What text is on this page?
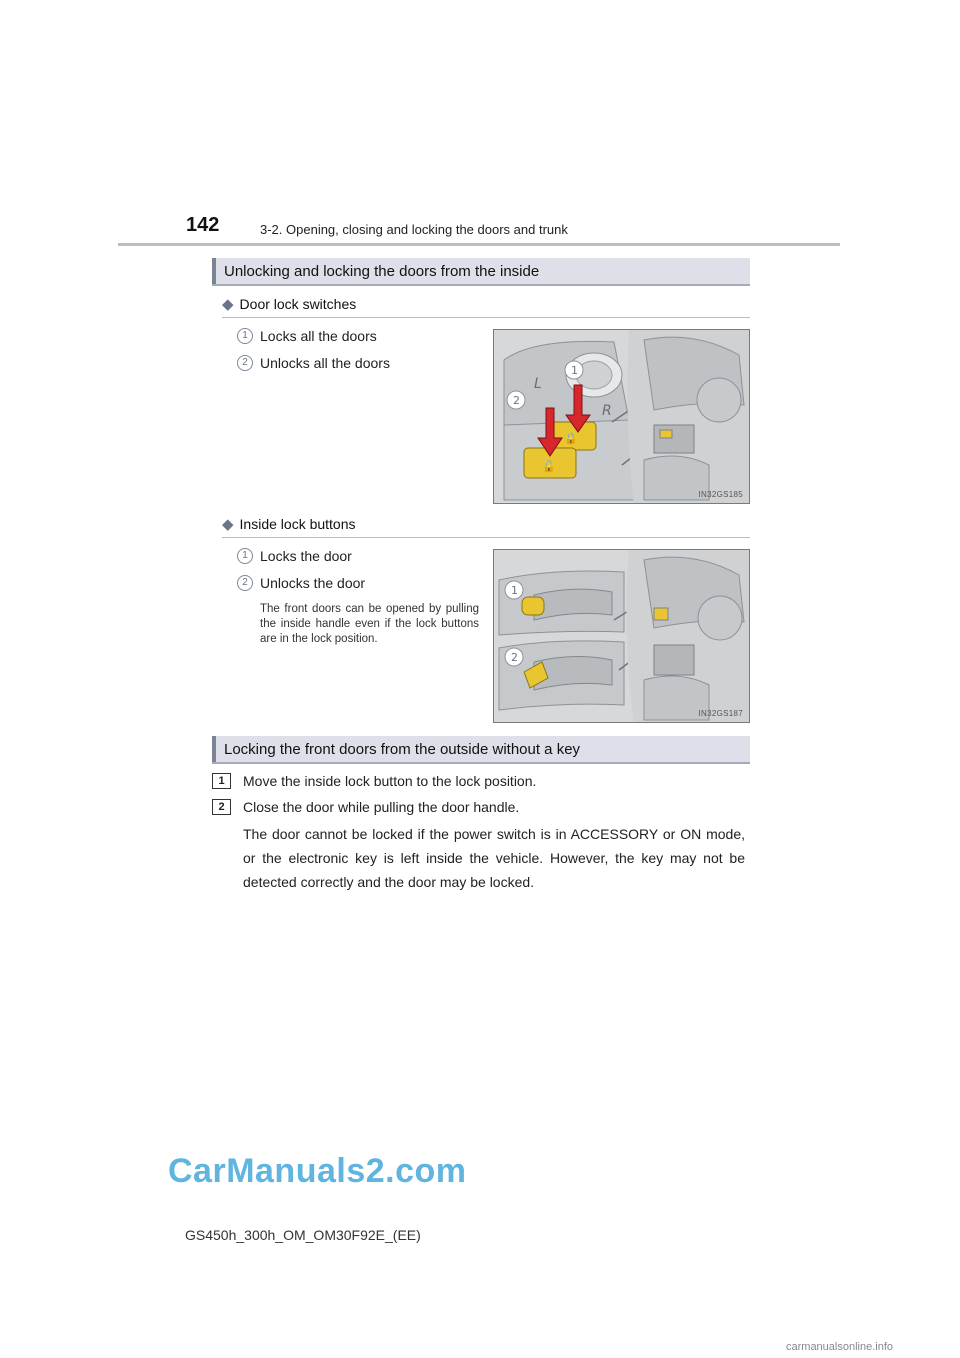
142	3-2. Opening, closing and locking the doors and trunk
Unlocking and locking the doors from the inside
◆ Door lock switches
1 Locks all the doors
2 Unlocks all the doors
L
R
🔒
🔓
1
2
IN32GS185
◆ Inside lock buttons
1 Locks the door
2 Unlocks the door
The front doors can be opened by pulling the inside handle even if the lock buttons are in the lock position.
1
2
IN32GS187
Locking the front doors from the outside without a key
1	Move the inside lock button to the lock position.
2	Close the door while pulling the door handle.
The door cannot be locked if the power switch is in ACCESSORY or ON mode, or the electronic key is left inside the vehicle. However, the key may not be detected correctly and the door may be locked.
CarManuals2.com
GS450h_300h_OM_OM30F92E_(EE)
carmanualsonline.info
